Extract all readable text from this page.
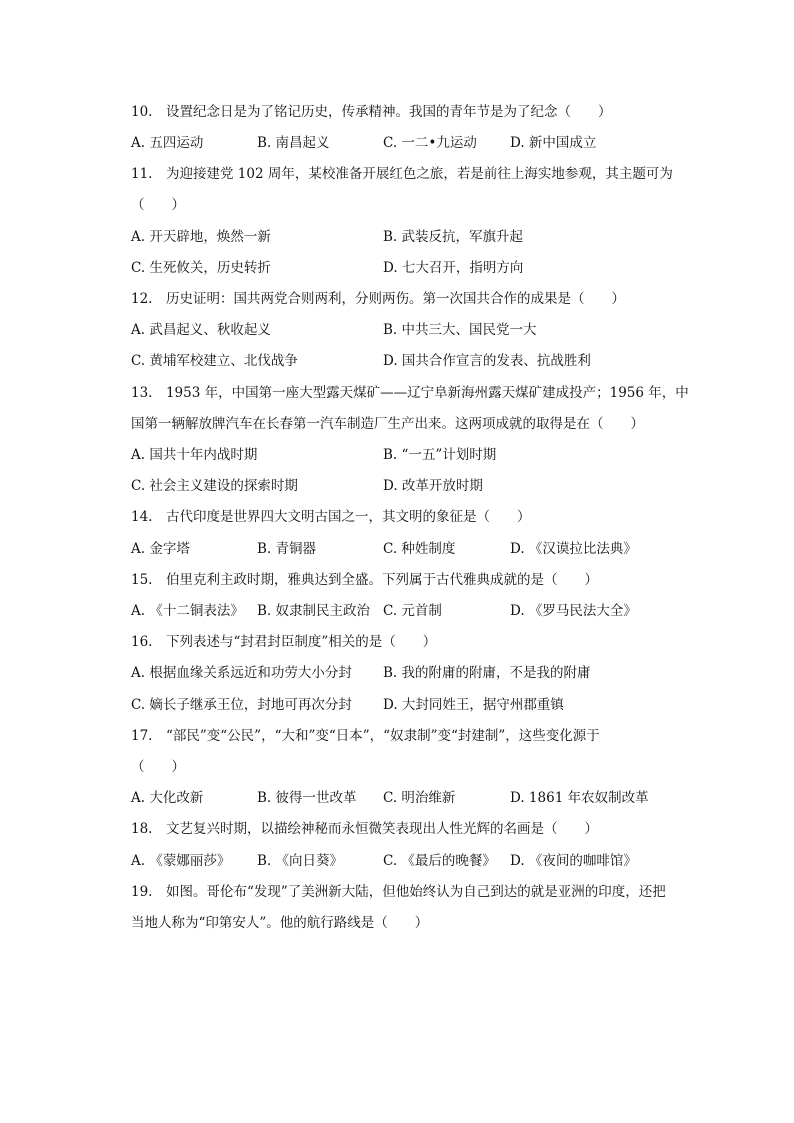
10.　设置纪念日是为了铭记历史，传承精神。我国的青年节是为了纪念（　　）
A. 五四运动	B. 南昌起义	C. 一二•九运动 D. 新中国成立
11.　为迎接建党 102 周年，某校准备开展红色之旅，若是前往上海实地参观，其主题可为
（　　）
A. 开天辟地，焕然一新	B. 武装反抗，军旗升起
C. 生死攸关，历史转折	D. 七大召开，指明方向
12.　历史证明：国共两党合则两利，分则两伤。第一次国共合作的成果是（　　）
A. 武昌起义、秋收起义	B. 中共三大、国民党一大
C. 黄埔军校建立、北伐战争	D. 国共合作宣言的发表、抗战胜利
13.　1953 年，中国第一座大型露天煤矿——辽宁阜新海州露天煤矿建成投产；1956 年，中
国第一辆解放牌汽车在长春第一汽车制造厂生产出来。这两项成就的取得是在（　　）
A. 国共十年内战时期	B. “一五”计划时期
C. 社会主义建设的探索时期	D. 改革开放时期
14.　古代印度是世界四大文明古国之一，其文明的象征是（　　）
A. 金字塔	B. 青铜器	C. 种姓制度	D. 《汉谟拉比法典》
15.　伯里克利主政时期，雅典达到全盛。下列属于古代雅典成就的是（　　）
A. 《十二铜表法》 B. 奴隶制民主政治 C. 元首制	D. 《罗马民法大全》
16.　下列表述与“封君封臣制度”相关的是（　　）
A. 根据血缘关系远近和功劳大小分封 B. 我的附庸的附庸，不是我的附庸
C. 嫡长子继承王位，封地可再次分封 D. 大封同姓王，据守州郡重镇
17.　“部民”变“公民”，“大和”变“日本”，“奴隶制”变“封建制”，这些变化源于
（　　）
A. 大化改新	B. 彼得一世改革 C. 明治维新	D. 1861 年农奴制改革
18.　文艺复兴时期，以描绘神秘而永恒微笑表现出人性光辉的名画是（　　）
A. 《蒙娜丽莎》 B. 《向日葵》	C. 《最后的晚餐》 D. 《夜间的咖啡馆》
19.　如图。哥伦布“发现”了美洲新大陆，但他始终认为自己到达的就是亚洲的印度，还把
当地人称为“印第安人”。他的航行路线是（　　）
